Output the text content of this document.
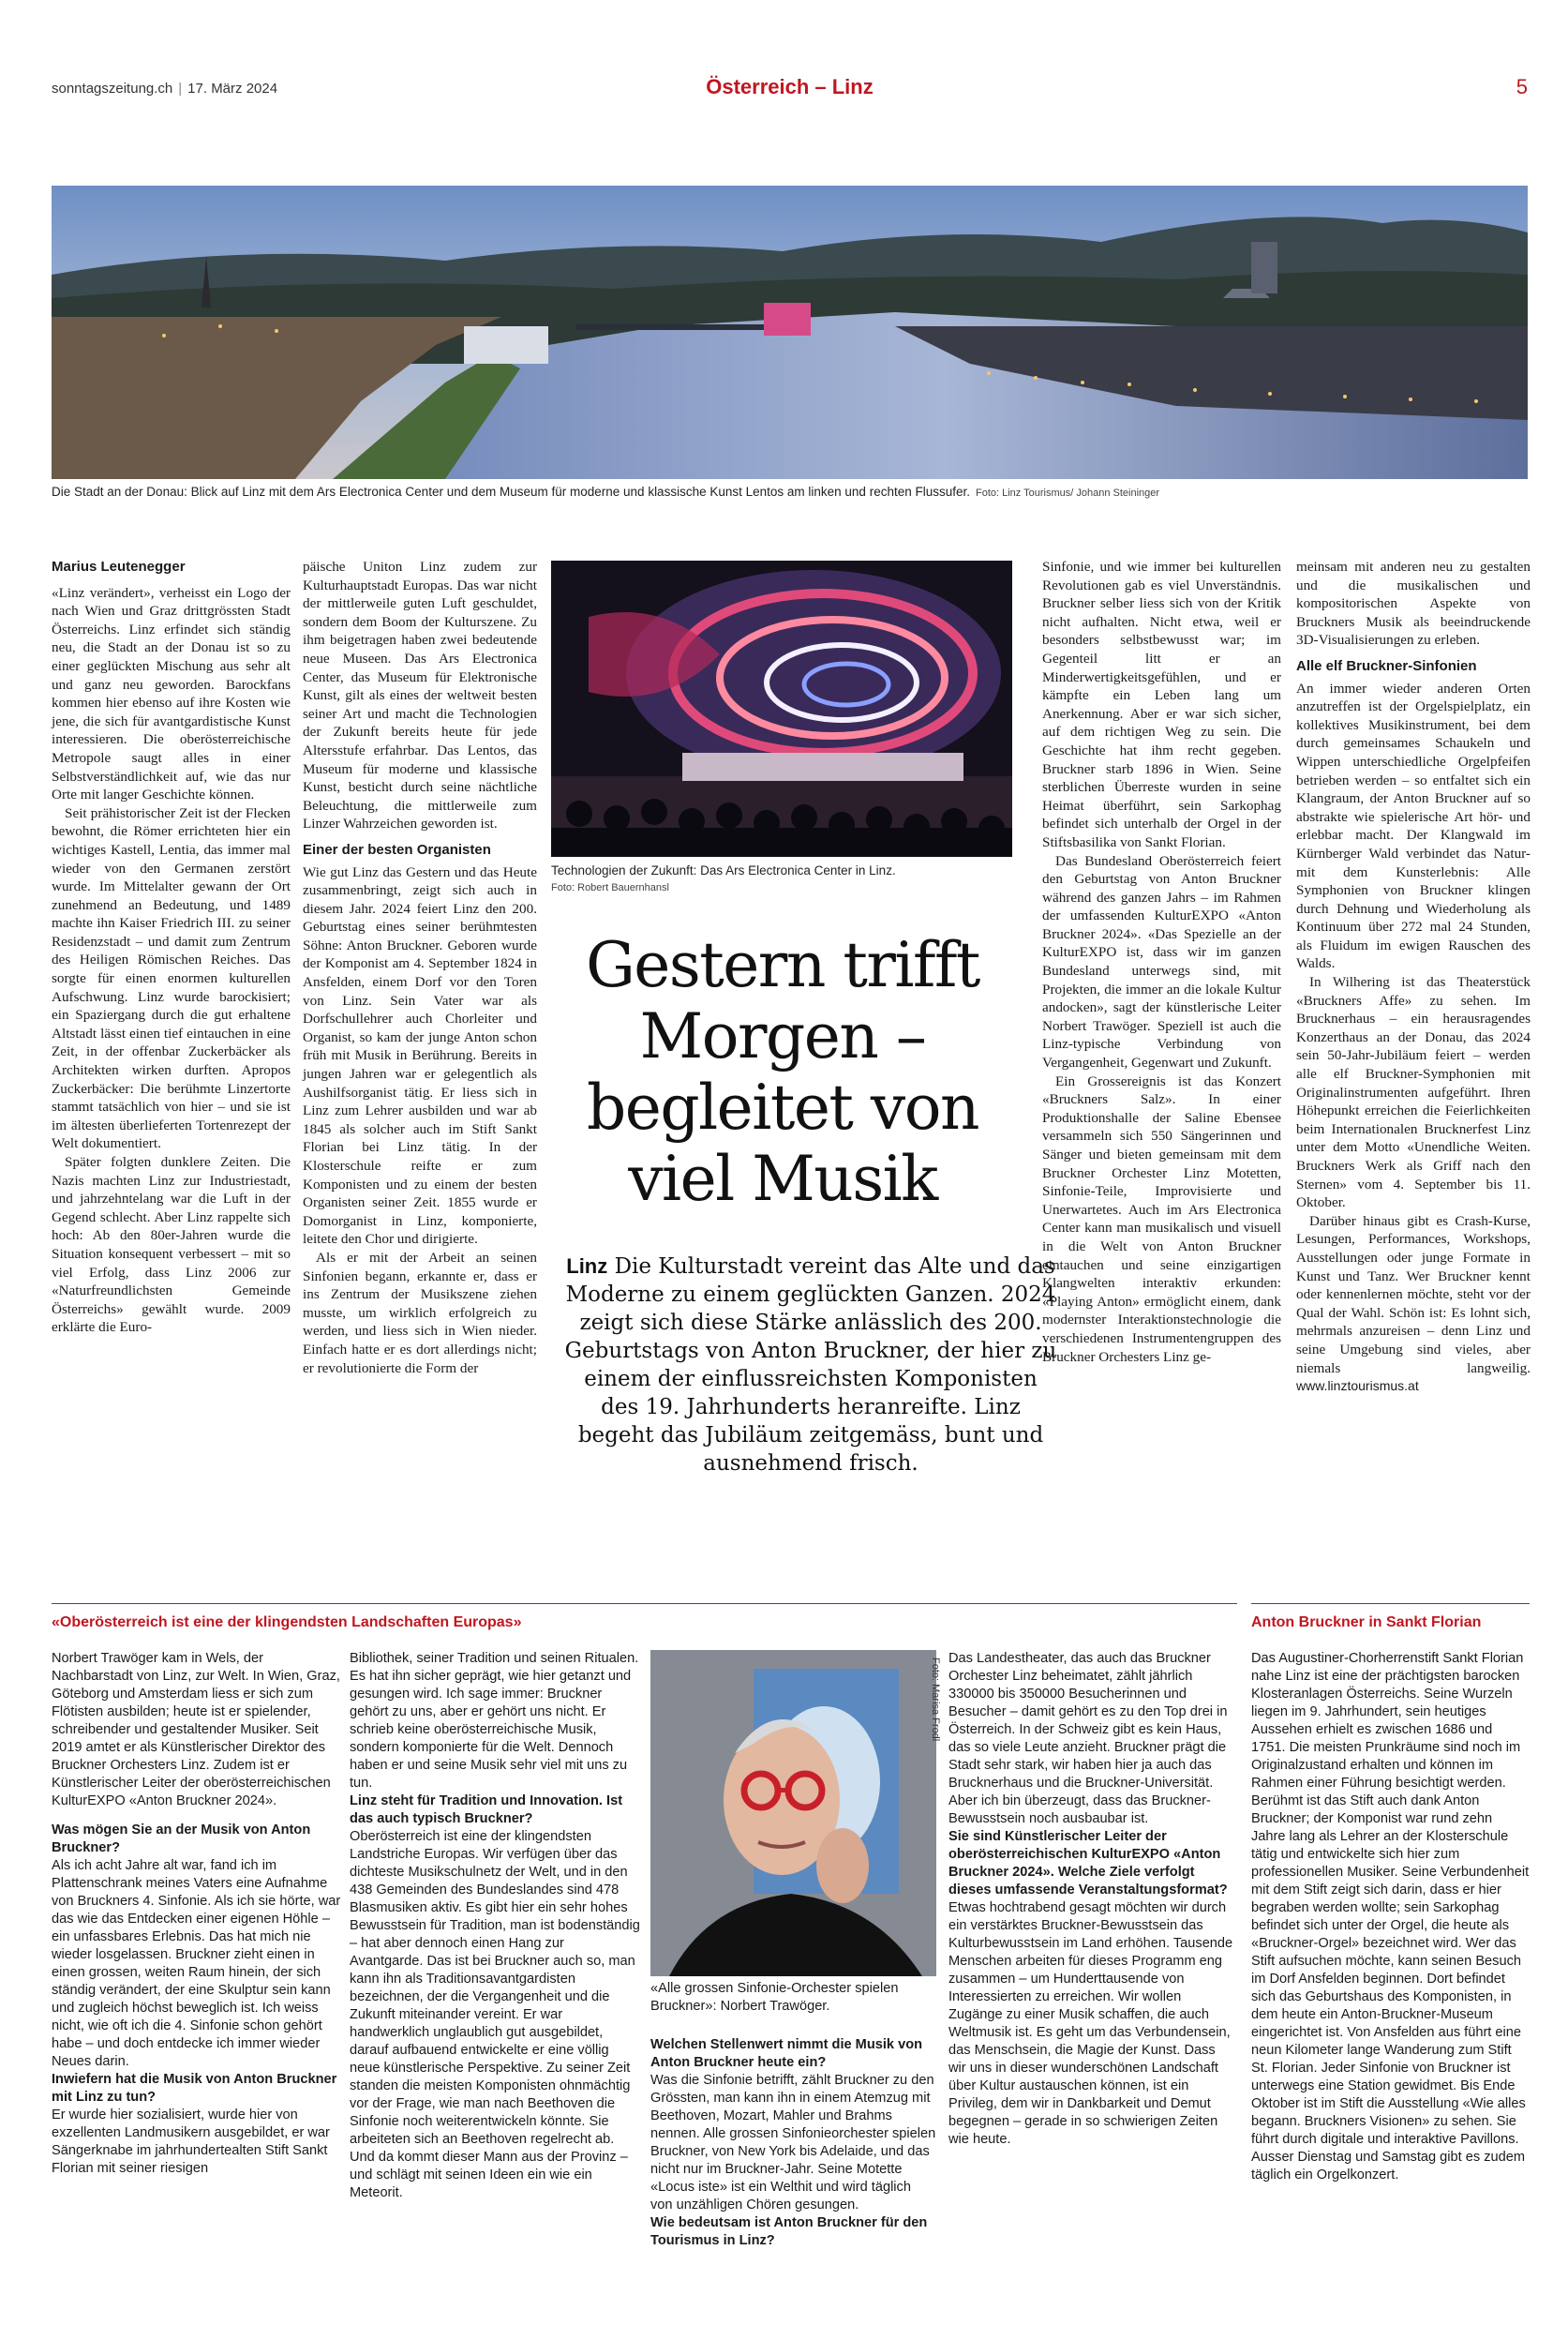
sonntagszeitung.ch | 17. März 2024	Österreich – Linz	5
Die Stadt an der Donau: Blick auf Linz mit dem Ars Electronica Center und dem Museum für moderne und klassische Kunst Lentos am linken und rechten Flussufer. Foto: Linz Tourismus/ Johann Steininger
Marius Leutenegger

«Linz verändert», verheisst ein Logo der nach Wien und Graz drittgrössten Stadt Österreichs. Linz erfindet sich ständig neu, die Stadt an der Donau ist so zu einer geglückten Mischung aus sehr alt und ganz neu geworden. Barockfans kommen hier ebenso auf ihre Kosten wie jene, die sich für avantgardistische Kunst interessieren. Die oberösterreichische Metropole saugt alles in einer Selbstverständlichkeit auf, wie das nur Orte mit langer Geschichte können.

Seit prähistorischer Zeit ist der Flecken bewohnt, die Römer errichteten hier ein wichtiges Kastell, Lentia, das immer mal wieder von den Germanen zerstört wurde. Im Mittelalter gewann der Ort zunehmend an Bedeutung, und 1489 machte ihn Kaiser Friedrich III. zu seiner Residenzstadt – und damit zum Zentrum des Heiligen Römischen Reiches. Das sorgte für einen enormen kulturellen Aufschwung. Linz wurde barockisiert; ein Spaziergang durch die gut erhaltene Altstadt lässt einen tief eintauchen in eine Zeit, in der offenbar Zuckerbäcker als Architekten wirken durften. Apropos Zuckerbäcker: Die berühmte Linzertorte stammt tatsächlich von hier – und sie ist im ältesten überlieferten Tortenrezept der Welt dokumentiert.

Später folgten dunklere Zeiten. Die Nazis machten Linz zur Industriestadt, und jahrzehntelang war die Luft in der Gegend schlecht. Aber Linz rappelte sich hoch: Ab den 80er-Jahren wurde die Situation konsequent verbessert – mit so viel Erfolg, dass Linz 2006 zur «Naturfreundlichsten Gemeinde Österreichs» gewählt wurde. 2009 erklärte die Euro-

päische Uniton Linz zudem zur Kulturhauptstadt Europas. Das war nicht der mittlerweile guten Luft geschuldet, sondern dem Boom der Kulturszene. Zu ihm beigetragen haben zwei bedeutende neue Museen. Das Ars Electronica Center, das Museum für Elektronische Kunst, gilt als eines der weltweit besten seiner Art und macht die Technologien der Zukunft bereits heute für jede Altersstufe erfahrbar. Das Lentos, das Museum für moderne und klassische Kunst, besticht durch seine nächtliche Beleuchtung, die mittlerweile zum Linzer Wahrzeichen geworden ist.

Einer der besten Organisten

Wie gut Linz das Gestern und das Heute zusammenbringt, zeigt sich auch in diesem Jahr. 2024 feiert Linz den 200. Geburtstag eines seiner berühmtesten Söhne: Anton Bruckner. Geboren wurde der Komponist am 4. September 1824 in Ansfelden, einem Dorf vor den Toren von Linz. Sein Vater war als Dorfschullehrer auch Chorleiter und Organist, so kam der junge Anton schon früh mit Musik in Berührung. Bereits in jungen Jahren war er gelegentlich als Aushilfsorganist tätig. Er liess sich in Linz zum Lehrer ausbilden und war ab 1845 als solcher auch im Stift Sankt Florian bei Linz tätig. In der Klosterschule reifte er zum Komponisten und zu einem der besten Organisten seiner Zeit. 1855 wurde er Domorganist in Linz, komponierte, leitete den Chor und dirigierte.

Als er mit der Arbeit an seinen Sinfonien begann, erkannte er, dass er ins Zentrum der Musikszene ziehen musste, um wirklich erfolgreich zu werden, und liess sich in Wien nieder. Einfach hatte er es dort allerdings nicht; er revolutionierte die Form der

Technologien der Zukunft: Das Ars Electronica Center in Linz.
Foto: Robert Bauernhansl
Gestern trifft Morgen – begleitet von viel Musik
Linz Die Kulturstadt vereint das Alte und das Moderne zu einem geglückten Ganzen. 2024 zeigt sich diese Stärke anlässlich des 200. Geburtstags von Anton Bruckner, der hier zu einem der einflussreichsten Komponisten des 19. Jahrhunderts heranreifte. Linz begeht das Jubiläum zeitgemäss, bunt und ausnehmend frisch.

Sinfonie, und wie immer bei kulturellen Revolutionen gab es viel Unverständnis. Bruckner selber liess sich von der Kritik nicht aufhalten. Nicht etwa, weil er besonders selbstbewusst war; im Gegenteil litt er an Minderwertigkeitsgefühlen, und er kämpfte ein Leben lang um Anerkennung. Aber er war sich sicher, auf dem richtigen Weg zu sein. Die Geschichte hat ihm recht gegeben. Bruckner starb 1896 in Wien. Seine sterblichen Überreste wurden in seine Heimat überführt, sein Sarkophag befindet sich unterhalb der Orgel in der Stiftsbasilika von Sankt Florian.

Das Bundesland Oberösterreich feiert den Geburtstag von Anton Bruckner während des ganzen Jahrs – im Rahmen der umfassenden KulturEXPO «Anton Bruckner 2024». «Das Spezielle an der KulturEXPO ist, dass wir im ganzen Bundesland unterwegs sind, mit Projekten, die immer an die lokale Kultur andocken», sagt der künstlerische Leiter Norbert Trawöger. Speziell ist auch die Linz-typische Verbindung von Vergangenheit, Gegenwart und Zukunft.

Ein Grossereignis ist das Konzert «Bruckners Salz». In einer Produktionshalle der Saline Ebensee versammeln sich 550 Sängerinnen und Sänger und bieten gemeinsam mit dem Bruckner Orchester Linz Motetten, Sinfonie-Teile, Improvisierte und Unerwartetes. Auch im Ars Electronica Center kann man musikalisch und visuell in die Welt von Anton Bruckner eintauchen und seine einzigartigen Klangwelten interaktiv erkunden: «Playing Anton» ermöglicht einem, dank modernster Interaktionstechnologie die verschiedenen Instrumentengruppen des Bruckner Orchesters Linz ge-

meinsam mit anderen neu zu gestalten und die musikalischen und kompositorischen Aspekte von Bruckners Musik als beeindruckende 3D-Visualisierungen zu erleben.

Alle elf Bruckner-Sinfonien

An immer wieder anderen Orten anzutreffen ist der Orgelspielplatz, ein kollektives Musikinstrument, bei dem durch gemeinsames Schaukeln und Wippen unterschiedliche Orgelpfeifen betrieben werden – so entfaltet sich ein Klangraum, der Anton Bruckner auf so abstrakte wie spielerische Art hör- und erlebbar macht. Der Klangwald im Kürnberger Wald verbindet das Natur- mit dem Kunsterlebnis: Alle Symphonien von Bruckner klingen durch Dehnung und Wiederholung als Kontinuum über 272 mal 24 Stunden, als Fluidum im ewigen Rauschen des Walds.

In Wilhering ist das Theaterstück «Bruckners Affe» zu sehen. Im Brucknerhaus – ein herausragendes Konzerthaus an der Donau, das 2024 sein 50-Jahr-Jubiläum feiert – werden alle elf Bruckner-Symphonien mit Originalinstrumenten aufgeführt. Ihren Höhepunkt erreichen die Feierlichkeiten beim Internationalen Brucknerfest Linz unter dem Motto «Unendliche Weiten. Bruckners Werk als Griff nach den Sternen» vom 4. September bis 11. Oktober.

Darüber hinaus gibt es Crash-Kurse, Lesungen, Performances, Workshops, Ausstellungen oder junge Formate in Kunst und Tanz. Wer Bruckner kennt oder kennenlernen möchte, steht vor der Qual der Wahl. Schön ist: Es lohnt sich, mehrmals anzureisen – denn Linz und seine Umgebung sind vieles, aber niemals langweilig. www.linztourismus.at

«Oberösterreich ist eine der klingendsten Landschaften Europas»
Norbert Trawöger kam in Wels, der Nachbarstadt von Linz, zur Welt. In Wien, Graz, Göteborg und Amsterdam liess er sich zum Flötisten ausbilden; heute ist er spielender, schreibender und gestaltender Musiker. Seit 2019 amtet er als Künstlerischer Direktor des Bruckner Orchesters Linz. Zudem ist er Künstlerischer Leiter der oberösterreichischen KulturEXPO «Anton Bruckner 2024».
Was mögen Sie an der Musik von Anton Bruckner?
Als ich acht Jahre alt war, fand ich im Plattenschrank meines Vaters eine Aufnahme von Bruckners 4. Sinfonie. Als ich sie hörte, war das wie das Entdecken einer eigenen Höhle – ein unfassbares Erlebnis. Das hat mich nie wieder losgelassen. Bruckner zieht einen in einen grossen, weiten Raum hinein, der sich ständig verändert, der eine Skulptur sein kann und zugleich höchst beweglich ist. Ich weiss nicht, wie oft ich die 4. Sinfonie schon gehört habe – und doch entdecke ich immer wieder Neues darin.
Inwiefern hat die Musik von Anton Bruckner mit Linz zu tun?
Er wurde hier sozialisiert, wurde hier von exzellenten Landmusikern ausgebildet, er war Sängerknabe im jahrhundertealten Stift Sankt Florian mit seiner riesigen
Bibliothek, seiner Tradition und seinen Ritualen. Es hat ihn sicher geprägt, wie hier getanzt und gesungen wird. Ich sage immer: Bruckner gehört zu uns, aber er gehört uns nicht. Er schrieb keine oberösterreichische Musik, sondern komponierte für die Welt. Dennoch haben er und seine Musik sehr viel mit uns zu tun.
Linz steht für Tradition und Innovation. Ist das auch typisch Bruckner?
Oberösterreich ist eine der klingendsten Landstriche Europas. Wir verfügen über das dichteste Musikschulnetz der Welt, und in den 438 Gemeinden des Bundeslandes sind 478 Blasmusiken aktiv. Es gibt hier ein sehr hohes Bewusstsein für Tradition, man ist bodenständig – hat aber dennoch einen Hang zur Avantgarde. Das ist bei Bruckner auch so, man kann ihn als Traditionsavantgardisten bezeichnen, der die Vergangenheit und die Zukunft miteinander vereint. Er war handwerklich unglaublich gut ausgebildet, darauf aufbauend entwickelte er eine völlig neue künstlerische Perspektive. Zu seiner Zeit standen die meisten Komponisten ohnmächtig vor der Frage, wie man nach Beethoven die Sinfonie noch weiterentwickeln könnte. Sie arbeiteten sich an Beethoven regelrecht ab. Und da kommt dieser Mann aus der Provinz – und schlägt mit seinen Ideen ein wie ein Meteorit.
Foto: Marisa Frodl
«Alle grossen Sinfonie-Orchester spielen Bruckner»: Norbert Trawöger.
Welchen Stellenwert nimmt die Musik von Anton Bruckner heute ein?
Was die Sinfonie betrifft, zählt Bruckner zu den Grössten, man kann ihn in einem Atemzug mit Beethoven, Mozart, Mahler und Brahms nennen. Alle grossen Sinfonieorchester spielen Bruckner, von New York bis Adelaide, und das nicht nur im Bruckner-Jahr. Seine Motette «Locus iste» ist ein Welthit und wird täglich von unzähligen Chören gesungen.
Wie bedeutsam ist Anton Bruckner für den Tourismus in Linz?
Das Landestheater, das auch das Bruckner Orchester Linz beheimatet, zählt jährlich 330000 bis 350000 Besucherinnen und Besucher – damit gehört es zu den Top drei in Österreich. In der Schweiz gibt es kein Haus, das so viele Leute anzieht. Bruckner prägt die Stadt sehr stark, wir haben hier ja auch das Brucknerhaus und die Bruckner-Universität. Aber ich bin überzeugt, dass das Bruckner-Bewusstsein noch ausbaubar ist.
Sie sind Künstlerischer Leiter der oberösterreichischen KulturEXPO «Anton Bruckner 2024». Welche Ziele verfolgt dieses umfassende Veranstaltungsformat?
Etwas hochtrabend gesagt möchten wir durch ein verstärktes Bruckner-Bewusstsein das Kulturbewusstsein im Land erhöhen. Tausende Menschen arbeiten für dieses Programm eng zusammen – um Hunderttausende von Interessierten zu erreichen. Wir wollen Zugänge zu einer Musik schaffen, die auch Weltmusik ist. Es geht um das Verbundensein, das Menschsein, die Magie der Kunst. Dass wir uns in dieser wunderschönen Landschaft über Kultur austauschen können, ist ein Privileg, dem wir in Dankbarkeit und Demut begegnen – gerade in so schwierigen Zeiten wie heute.
Anton Bruckner in Sankt Florian
Das Augustiner-Chorherrenstift Sankt Florian nahe Linz ist eine der prächtigsten barocken Klosteranlagen Österreichs. Seine Wurzeln liegen im 9. Jahrhundert, sein heutiges Aussehen erhielt es zwischen 1686 und 1751. Die meisten Prunkräume sind noch im Originalzustand erhalten und können im Rahmen einer Führung besichtigt werden. Berühmt ist das Stift auch dank Anton Bruckner; der Komponist war rund zehn Jahre lang als Lehrer an der Klosterschule tätig und entwickelte sich hier zum professionellen Musiker. Seine Verbundenheit mit dem Stift zeigt sich darin, dass er hier begraben werden wollte; sein Sarkophag befindet sich unter der Orgel, die heute als «Bruckner-Orgel» bezeichnet wird. Wer das Stift aufsuchen möchte, kann seinen Besuch im Dorf Ansfelden beginnen. Dort befindet sich das Geburtshaus des Komponisten, in dem heute ein Anton-Bruckner-Museum eingerichtet ist. Von Ansfelden aus führt eine neun Kilometer lange Wanderung zum Stift St. Florian. Jeder Sinfonie von Bruckner ist unterwegs eine Station gewidmet. Bis Ende Oktober ist im Stift die Ausstellung «Wie alles begann. Bruckners Visionen» zu sehen. Sie führt durch digitale und interaktive Pavillons. Ausser Dienstag und Samstag gibt es zudem täglich ein Orgelkonzert.
